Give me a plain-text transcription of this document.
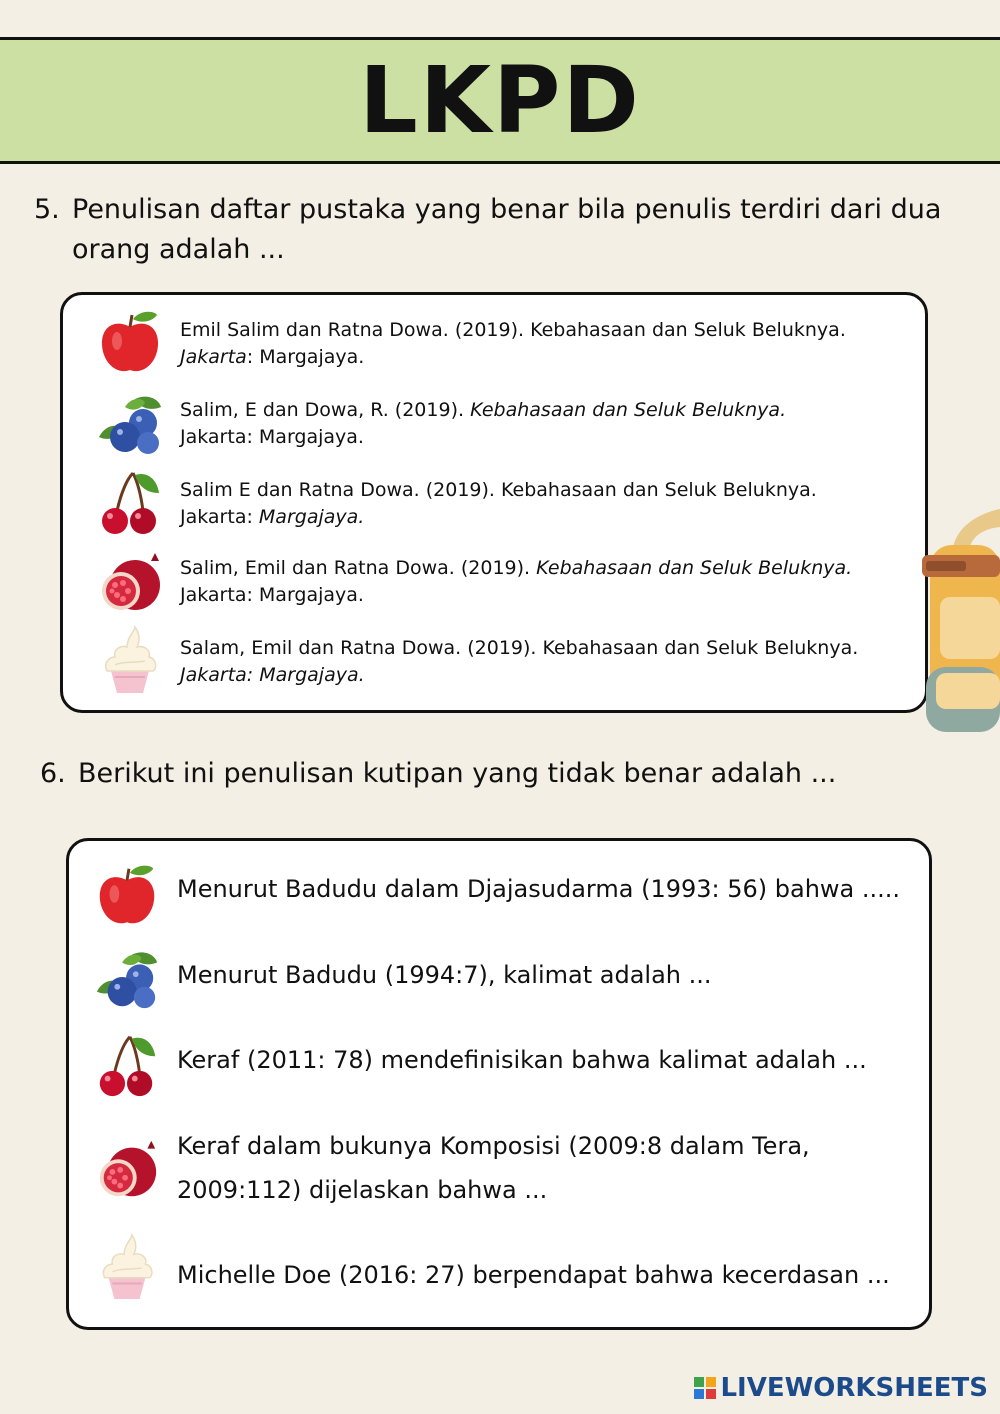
LKPD

5. Penulisan daftar pustaka yang benar bila penulis terdiri dari dua
orang adalah ...

Emil Salim dan Ratna Dowa. (2019). Kebahasaan dan Seluk Beluknya.
Jakarta: Margajaya.
Salim, E dan Dowa, R. (2019). Kebahasaan dan Seluk Beluknya.
Jakarta: Margajaya.
Salim E dan Ratna Dowa. (2019). Kebahasaan dan Seluk Beluknya.
Jakarta: Margajaya.
Salim, Emil dan Ratna Dowa. (2019). Kebahasaan dan Seluk Beluknya.
Jakarta: Margajaya.
Salam, Emil dan Ratna Dowa. (2019). Kebahasaan dan Seluk Beluknya.
Jakarta: Margajaya.

6. Berikut ini penulisan kutipan yang tidak benar adalah ...

Menurut Badudu dalam Djajasudarma (1993: 56) bahwa .....
Menurut Badudu (1994:7), kalimat adalah ...
Keraf (2011: 78) mendefinisikan bahwa kalimat adalah ...
Keraf dalam bukunya Komposisi (2009:8 dalam Tera,
2009:112) dijelaskan bahwa ...
Michelle Doe (2016: 27) berpendapat bahwa kecerdasan ...
LIVEWORKSHEETS
